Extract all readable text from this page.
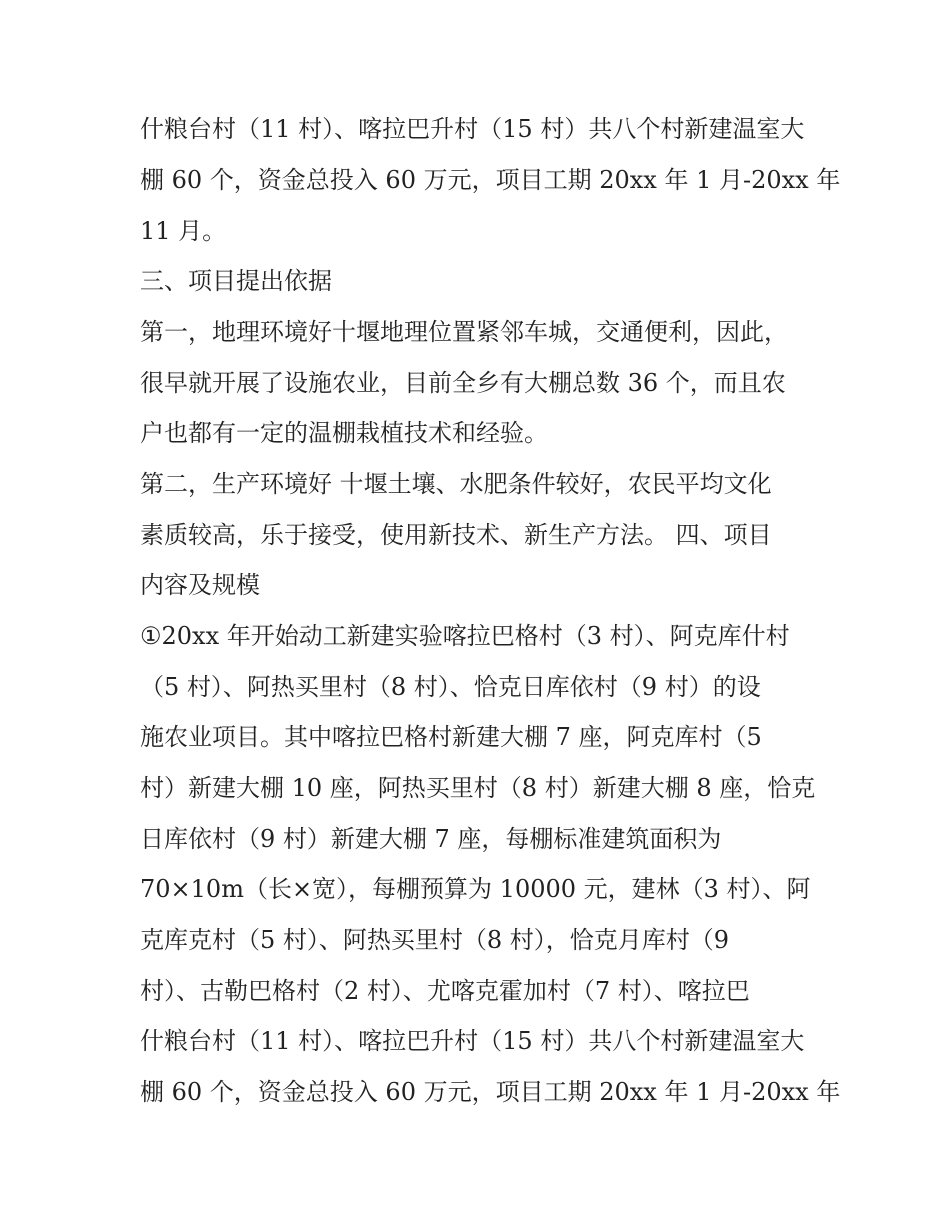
什粮台村（11 村）、喀拉巴升村（15 村）共八个村新建温室大

棚 60 个，资金总投入 60 万元，项目工期 20xx 年 1 月-20xx 年

11 月。

三、项目提出依据

第一，地理环境好十堰地理位置紧邻车城，交通便利，因此，

很早就开展了设施农业，目前全乡有大棚总数 36 个，而且农

户也都有一定的温棚栽植技术和经验。

第二，生产环境好 十堰土壤、水肥条件较好，农民平均文化

素质较高，乐于接受，使用新技术、新生产方法。 四、项目

内容及规模

①20xx 年开始动工新建实验喀拉巴格村（3 村）、阿克库什村

（5 村）、阿热买里村（8 村）、恰克日库依村（9 村）的设

施农业项目。其中喀拉巴格村新建大棚 7 座，阿克库村（5

村）新建大棚 10 座，阿热买里村（8 村）新建大棚 8 座，恰克

日库依村（9 村）新建大棚 7 座，每棚标准建筑面积为

70×10m（长×宽），每棚预算为 10000 元，建林（3 村）、阿

克库克村（5 村）、阿热买里村（8 村），恰克月库村（9

村）、古勒巴格村（2 村）、尤喀克霍加村（7 村）、喀拉巴

什粮台村（11 村）、喀拉巴升村（15 村）共八个村新建温室大

棚 60 个，资金总投入 60 万元，项目工期 20xx 年 1 月-20xx 年
